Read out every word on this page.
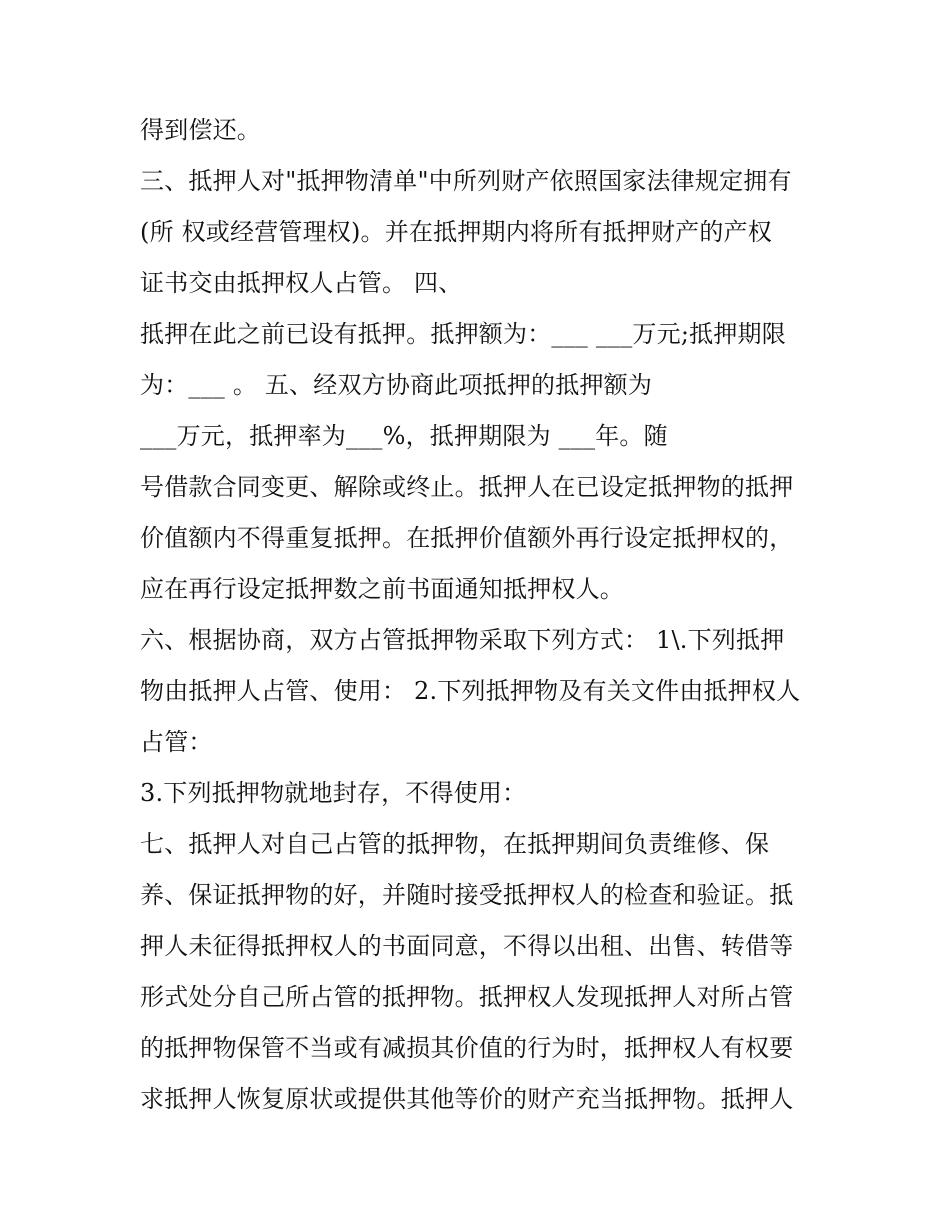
得到偿还。
三、抵押人对"抵押物清单"中所列财产依照国家法律规定拥有
(所 权或经营管理权)。并在抵押期内将所有抵押财产的产权
证书交由抵押权人占管。 四、
抵押在此之前已设有抵押。抵押额为：___ ___万元;抵押期限
为：___ 。 五、经双方协商此项抵押的抵押额为
___万元，抵押率为___%，抵押期限为 ___年。随
号借款合同变更、解除或终止。抵押人在已设定抵押物的抵押
价值额内不得重复抵押。在抵押价值额外再行设定抵押权的，
应在再行设定抵押数之前书面通知抵押权人。
六、根据协商，双方占管抵押物采取下列方式： 1\.下列抵押
物由抵押人占管、使用： 2.下列抵押物及有关文件由抵押权人
占管：
3.下列抵押物就地封存，不得使用：
七、抵押人对自己占管的抵押物，在抵押期间负责维修、保
养、保证抵押物的好，并随时接受抵押权人的检查和验证。抵
押人未征得抵押权人的书面同意，不得以出租、出售、转借等
形式处分自己所占管的抵押物。抵押权人发现抵押人对所占管
的抵押物保管不当或有减损其价值的行为时，抵押权人有权要
求抵押人恢复原状或提供其他等价的财产充当抵押物。抵押人
